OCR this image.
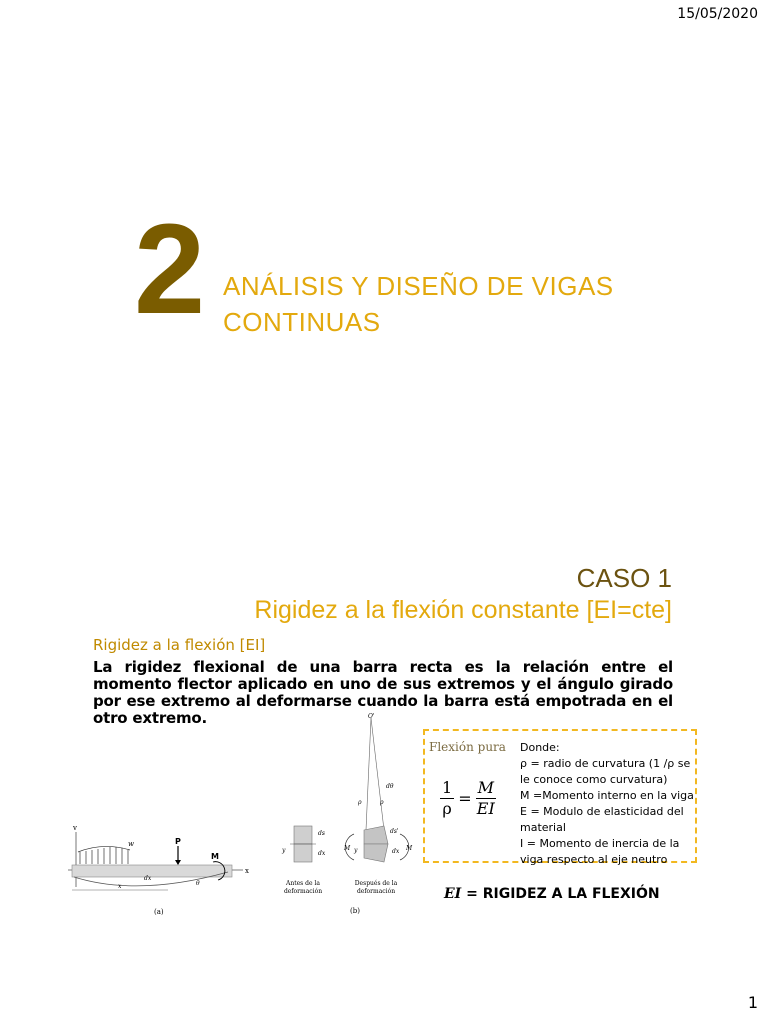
15/05/2020
2 ANÁLISIS Y DISEÑO DE VIGAS
CONTINUAS
CASO 1
Rigidez a la flexión constante [EI=cte]
Rigidez a la flexión [EI]
La rigidez flexional de una barra recta es la relación entre el momento flector aplicado en uno de sus extremos y el ángulo girado por ese extremo al deformarse cuando la barra está empotrada en el otro extremo.
v
x
w	P
M
dx
θ
x
(a)
ds
dx
y
Antes de la
deformación
O'
dθ
ρ	ρ
ds'
dx
y
M	M
Después de la
deformación
(b)
Flexión pura
$\frac{1}{\rho} = \frac{M}{EI}$
Donde:
ρ = radio de curvatura (1 /ρ se le conoce como curvatura)
M =Momento interno en la viga
E = Modulo de elasticidad del material
I = Momento de inercia de la viga respecto al eje neutro
EI = RIGIDEZ A LA FLEXIÓN
1
